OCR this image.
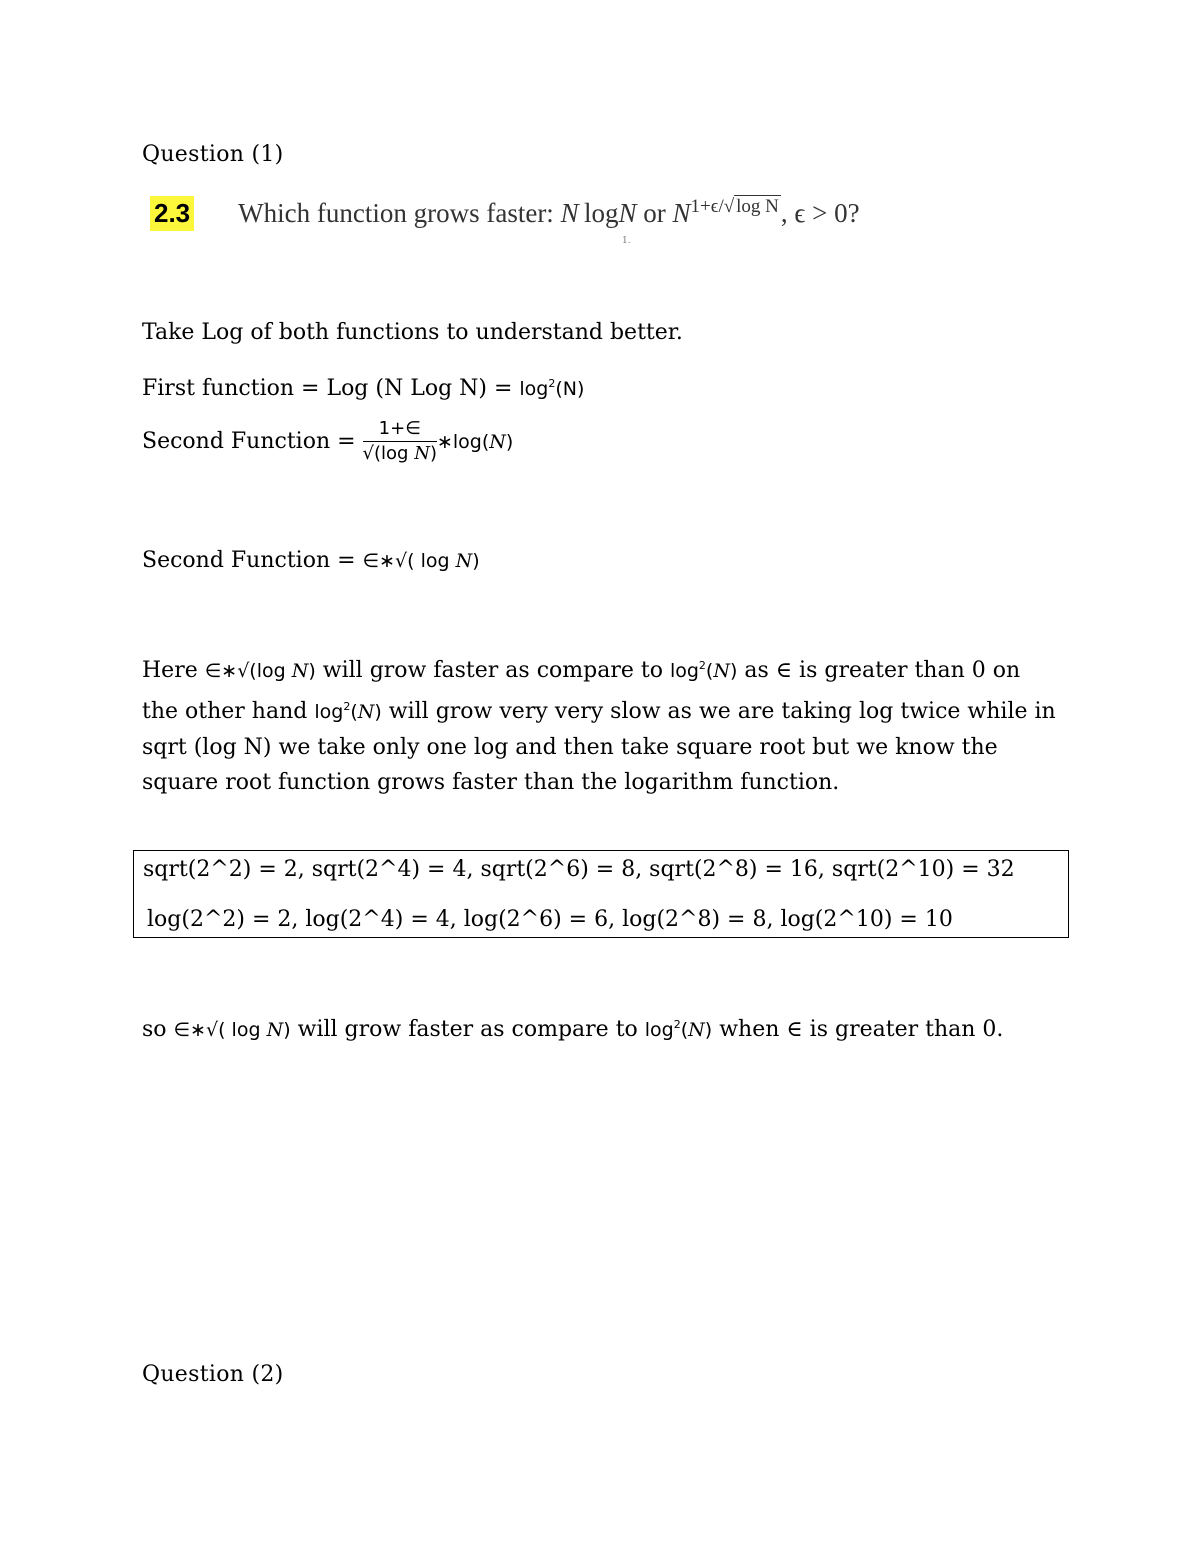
Question (1)
2.3 Which function grows faster: N  logN or $N^{1+\epsilon/√ log N}$, ϵ > 0?
1.
Take Log of both functions to understand better.
First function = Log (N Log $N) = \log^2(N)$
Second Function = $\frac{1+\in}{\text{√(log N)}}$ ∗log(N)
Second Function = ∈∗√( log N)
Here ∈∗√(log N) will grow faster as compare to $\log^2(N)$ as ∈ is greater than 0 on the other hand $\log^2(N)$ will grow very very slow as we are taking log twice while in sqrt (log N) we take only one log and then take square root but we know the square root function grows faster than the logarithm function.
sqrt(2^2) = 2, sqrt(2^4) = 4, sqrt(2^6) = 8, sqrt(2^8) = 16, sqrt(2^10) = 32
log(2^2) = 2, log(2^4) = 4, log(2^6) = 6, log(2^8) = 8, log(2^10) = 10
so ∈∗√( log N) will grow faster as compare to $\log^2(N)$ when ∈ is greater than 0.
Question (2)
